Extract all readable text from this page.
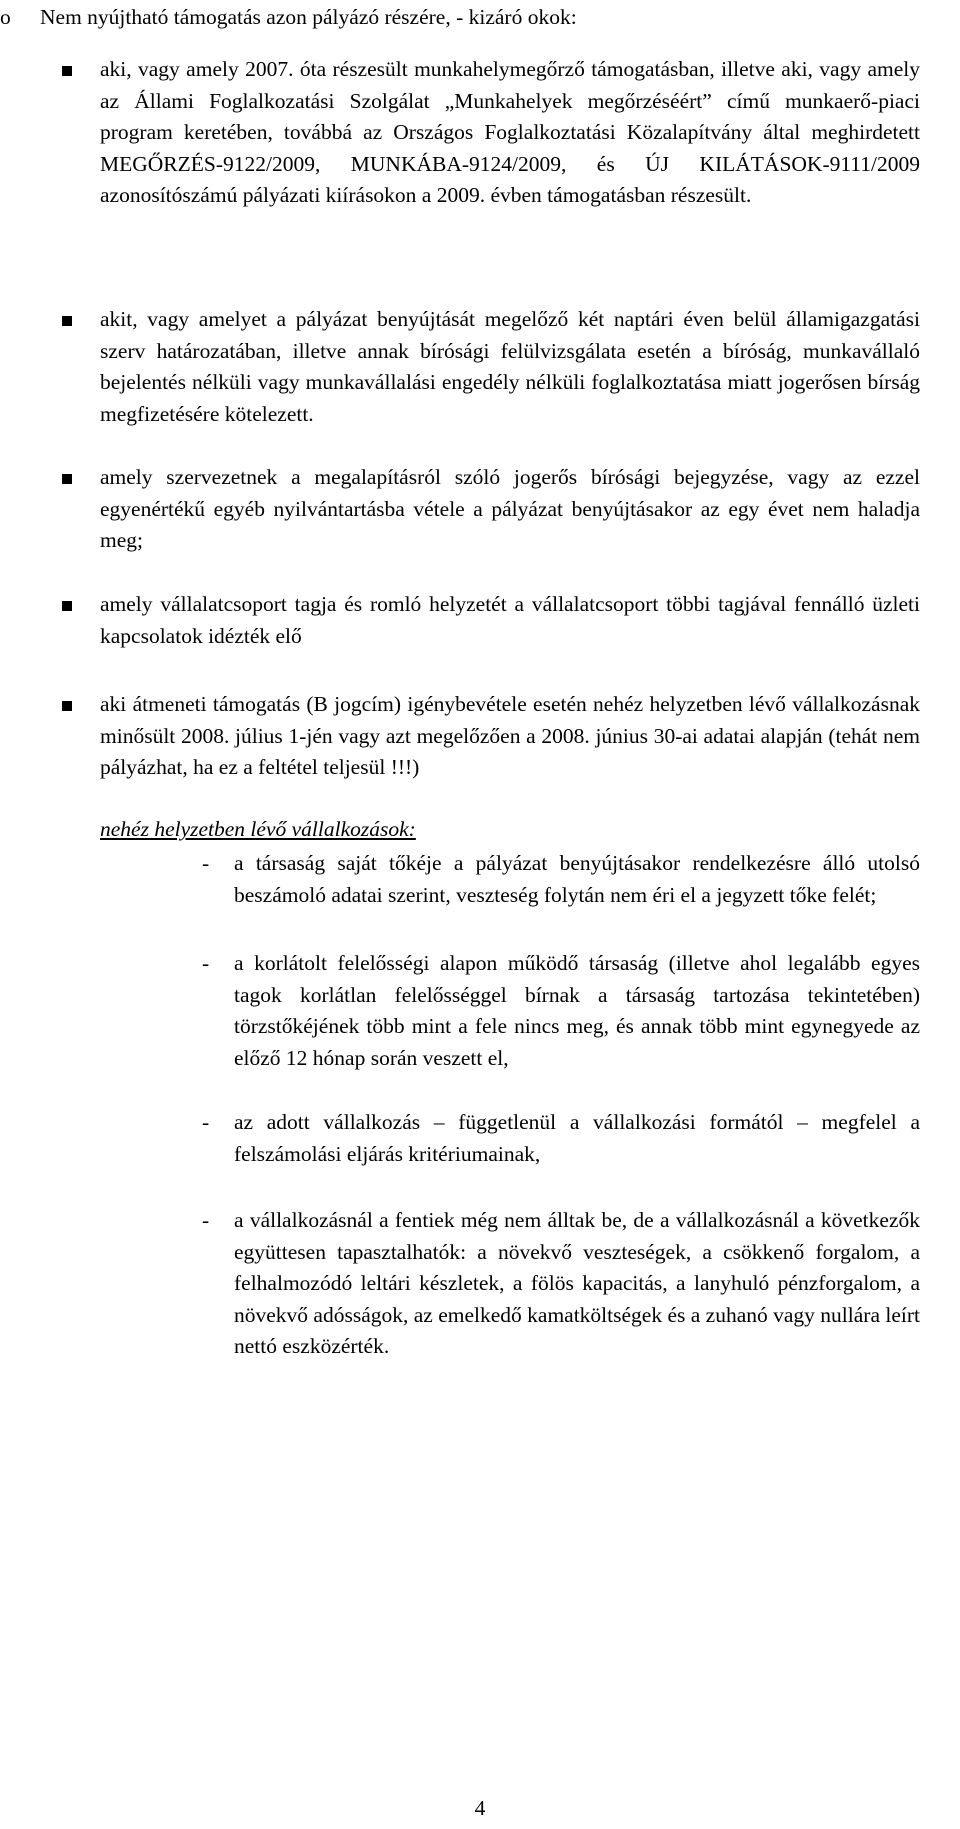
o Nem nyújtható támogatás azon pályázó részére, - kizáró okok:
aki, vagy amely 2007. óta részesült munkahelymegőrző támogatásban, illetve aki, vagy amely az Állami Foglalkozatási Szolgálat „Munkahelyek megőrzéséért” című munkaerő-piaci program keretében, továbbá az Országos Foglalkoztatási Közalapítvány által meghirdetett MEGŐRZÉS-9122/2009, MUNKÁBA-9124/2009, és ÚJ KILÁTÁSOK-9111/2009 azonosítószámú pályázati kiírásokon a 2009. évben támogatásban részesült.
akit, vagy amelyet a pályázat benyújtását megelőző két naptári éven belül államigazgatási szerv határozatában, illetve annak bírósági felülvizsgálata esetén a bíróság, munkavállaló bejelentés nélküli vagy munkavállalási engedély nélküli foglalkoztatása miatt jogerősen bírság megfizetésére kötelezett.
amely szervezetnek a megalapításról szóló jogerős bírósági bejegyzése, vagy az ezzel egyenértékű egyéb nyilvántartásba vétele a pályázat benyújtásakor az egy évet nem haladja meg;
amely vállalatcsoport tagja és romló helyzetét a vállalatcsoport többi tagjával fennálló üzleti kapcsolatok idézték elő
aki átmeneti támogatás (B jogcím) igénybevétele esetén nehéz helyzetben lévő vállalkozásnak minősült 2008. július 1-jén vagy azt megelőzően a 2008. június 30-ai adatai alapján (tehát nem pályázhat, ha ez a feltétel teljesül !!!)
nehéz helyzetben lévő vállalkozások:
- a társaság saját tőkéje a pályázat benyújtásakor rendelkezésre álló utolsó beszámoló adatai szerint, veszteség folytán nem éri el a jegyzett tőke felét;
- a korlátolt felelősségi alapon működő társaság (illetve ahol legalább egyes tagok korlátlan felelősséggel bírnak a társaság tartozása tekintetében) törzstőkéjének több mint a fele nincs meg, és annak több mint egynegyede az előző 12 hónap során veszett el,
- az adott vállalkozás – függetlenül a vállalkozási formától – megfelel a felszámolási eljárás kritériumainak,
- a vállalkozásnál a fentiek még nem álltak be, de a vállalkozásnál a következők együttesen tapasztalhatók: a növekvő veszteségek, a csökkenő forgalom, a felhalmozódó leltári készletek, a fölös kapacitás, a lanyhuló pénzforgalom, a növekvő adósságok, az emelkedő kamatköltségek és a zuhanó vagy nullára leírt nettó eszközérték.
4
